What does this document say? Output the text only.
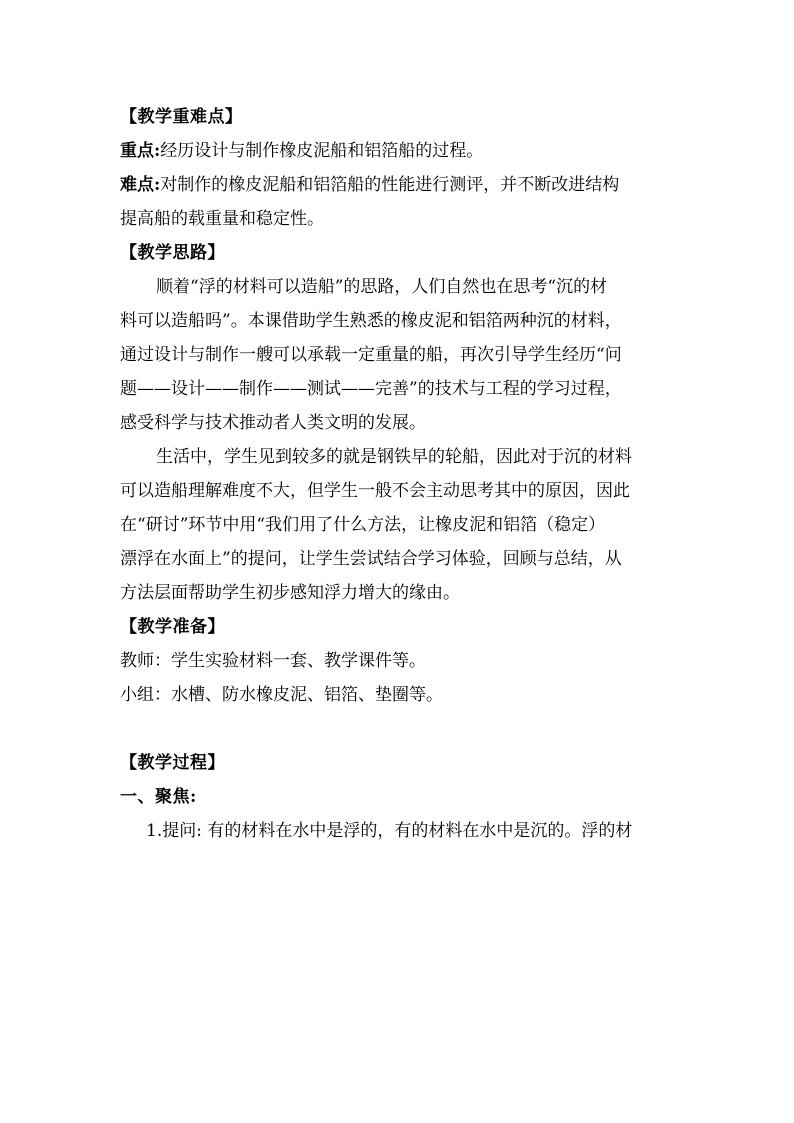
【教学重难点】

重点:经历设计与制作橡皮泥船和铝箔船的过程。

难点:对制作的橡皮泥船和铝箔船的性能进行测评，并不断改进结构

提高船的载重量和稳定性。

【教学思路】

顺着“浮的材料可以造船”的思路，人们自然也在思考“沉的材

料可以造船吗”。本课借助学生熟悉的橡皮泥和铝箔两种沉的材料，

通过设计与制作一艘可以承载一定重量的船，再次引导学生经历“问

题——设计——制作——测试——完善”的技术与工程的学习过程，

感受科学与技术推动者人类文明的发展。

生活中，学生见到较多的就是钢铁早的轮船，因此对于沉的材料

可以造船理解难度不大，但学生一般不会主动思考其中的原因，因此

在“研讨”环节中用“我们用了什么方法，让橡皮泥和铝箔（稳定）

漂浮在水面上”的提问，让学生尝试结合学习体验，回顾与总结，从

方法层面帮助学生初步感知浮力增大的缘由。

【教学准备】

教师：学生实验材料一套、教学课件等。

小组：水槽、防水橡皮泥、铝箔、垫圈等。

【教学过程】

一、聚焦:

1.提问: 有的材料在水中是浮的，有的材料在水中是沉的。浮的材
